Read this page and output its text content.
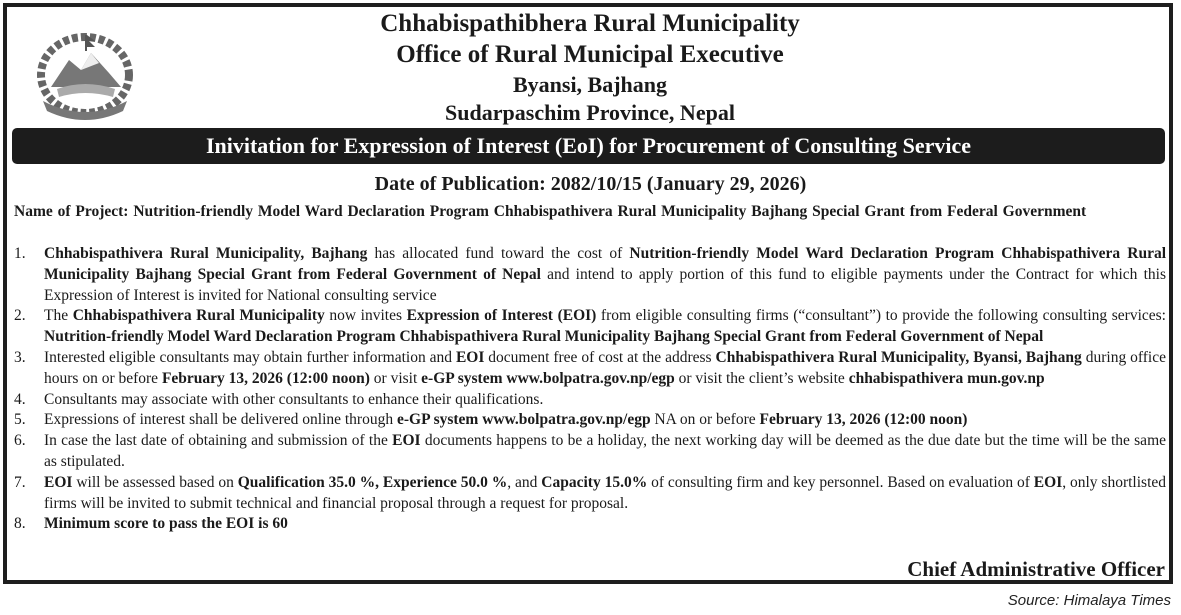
Chhabispathibhera Rural Municipality
Office of Rural Municipal Executive
Byansi, Bajhang
Sudarpaschim Province, Nepal
Inivitation for Expression of Interest (EoI) for Procurement of Consulting Service
Date of Publication: 2082/10/15 (January 29, 2026)
Name of Project: Nutrition-friendly Model Ward Declaration Program Chhabispathivera Rural Municipality Bajhang Special Grant from Federal Government
1.	Chhabispathivera Rural Municipality, Bajhang has allocated fund toward the cost of Nutrition-friendly Model Ward Declaration Program Chhabispathivera Rural Municipality Bajhang Special Grant from Federal Government of Nepal and intend to apply portion of this fund to eligible payments under the Contract for which this Expression of Interest is invited for National consulting service
2.	The Chhabispathivera Rural Municipality now invites Expression of Interest (EOI) from eligible consulting firms (“consultant”) to provide the following consulting services: Nutrition-friendly Model Ward Declaration Program Chhabispathivera Rural Municipality Bajhang Special Grant from Federal Government of Nepal
3.	Interested eligible consultants may obtain further information and EOI document free of cost at the address Chhabispathivera Rural Municipality, Byansi, Bajhang during office hours on or before February 13, 2026 (12:00 noon) or visit e-GP system www.bolpatra.gov.np/egp or visit the client’s website chhabispathivera mun.gov.np
4.	Consultants may associate with other consultants to enhance their qualifications.
5.	Expressions of interest shall be delivered online through e-GP system www.bolpatra.gov.np/egp NA on or before February 13, 2026 (12:00 noon)
6.	In case the last date of obtaining and submission of the EOI documents happens to be a holiday, the next working day will be deemed as the due date but the time will be the same as stipulated.
7.	EOI will be assessed based on Qualification 35.0 %, Experience 50.0 %, and Capacity 15.0% of consulting firm and key personnel. Based on evaluation of EOI, only shortlisted firms will be invited to submit technical and financial proposal through a request for proposal.
8.	Minimum score to pass the EOI is 60
Chief Administrative Officer
Source: Himalaya Times
